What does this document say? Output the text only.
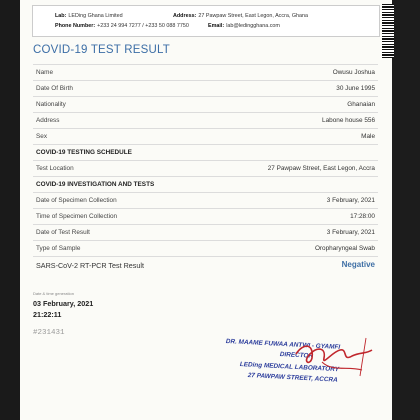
Lab: LEDing Ghana Limited	Address: 27 Pawpaw Street, East Legon, Accra, Ghana
Phone Number: +233 24 994 7277 / +233 50 088 7750	Email: lab@ledingghana.com
COVID-19 TEST RESULT
Name	Owusu Joshua
Date Of Birth	30 June 1995
Nationality	Ghanaian
Address	Labone house 556
Sex	Male
COVID-19 TESTING SCHEDULE
Test Location	27 Pawpaw Street, East Legon, Accra
COVID-19 INVESTIGATION AND TESTS
Date of Specimen Collection	3 February, 2021
Time of Specimen Collection	17:28:00
Date of Test Result	3 February, 2021
Type of Sample	Oropharyngeal Swab
SARS-CoV-2 RT-PCR Test Result	Negative
Date & time generation
03 February, 2021
21:22:11
#231431
DR. MAAME FUWAA ANTWI - GYAMFI
DIRECTOR
LEDing MEDICAL LABORATORY
27 PAWPAW STREET, ACCRA
